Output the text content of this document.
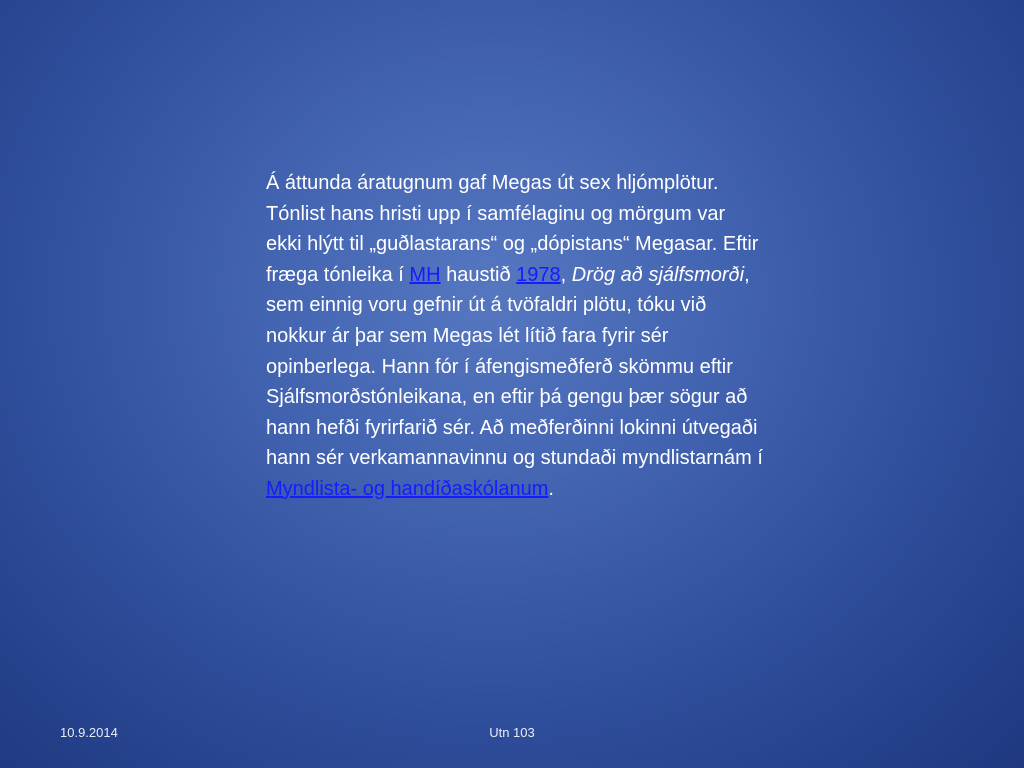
Á áttunda áratugnum gaf Megas út sex hljómplötur. Tónlist hans hristi upp í samfélaginu og mörgum var ekki hlýtt til „guðlastarans“ og „dópistans“ Megasar. Eftir fræga tónleika í MH haustið 1978, Drög að sjálfsmorði, sem einnig voru gefnir út á tvöfaldri plötu, tóku við nokkur ár þar sem Megas lét lítið fara fyrir sér opinberlega. Hann fór í áfengismeðferð skömmu eftir Sjálfsmorðstónleikana, en eftir þá gengu þær sögur að hann hefði fyrirfarið sér. Að meðferðinni lokinni útvegaði hann sér verkamannavinnu og stundaði myndlistarnám í Myndlista- og handíðaskólanum.
10.9.2014	Utn 103
